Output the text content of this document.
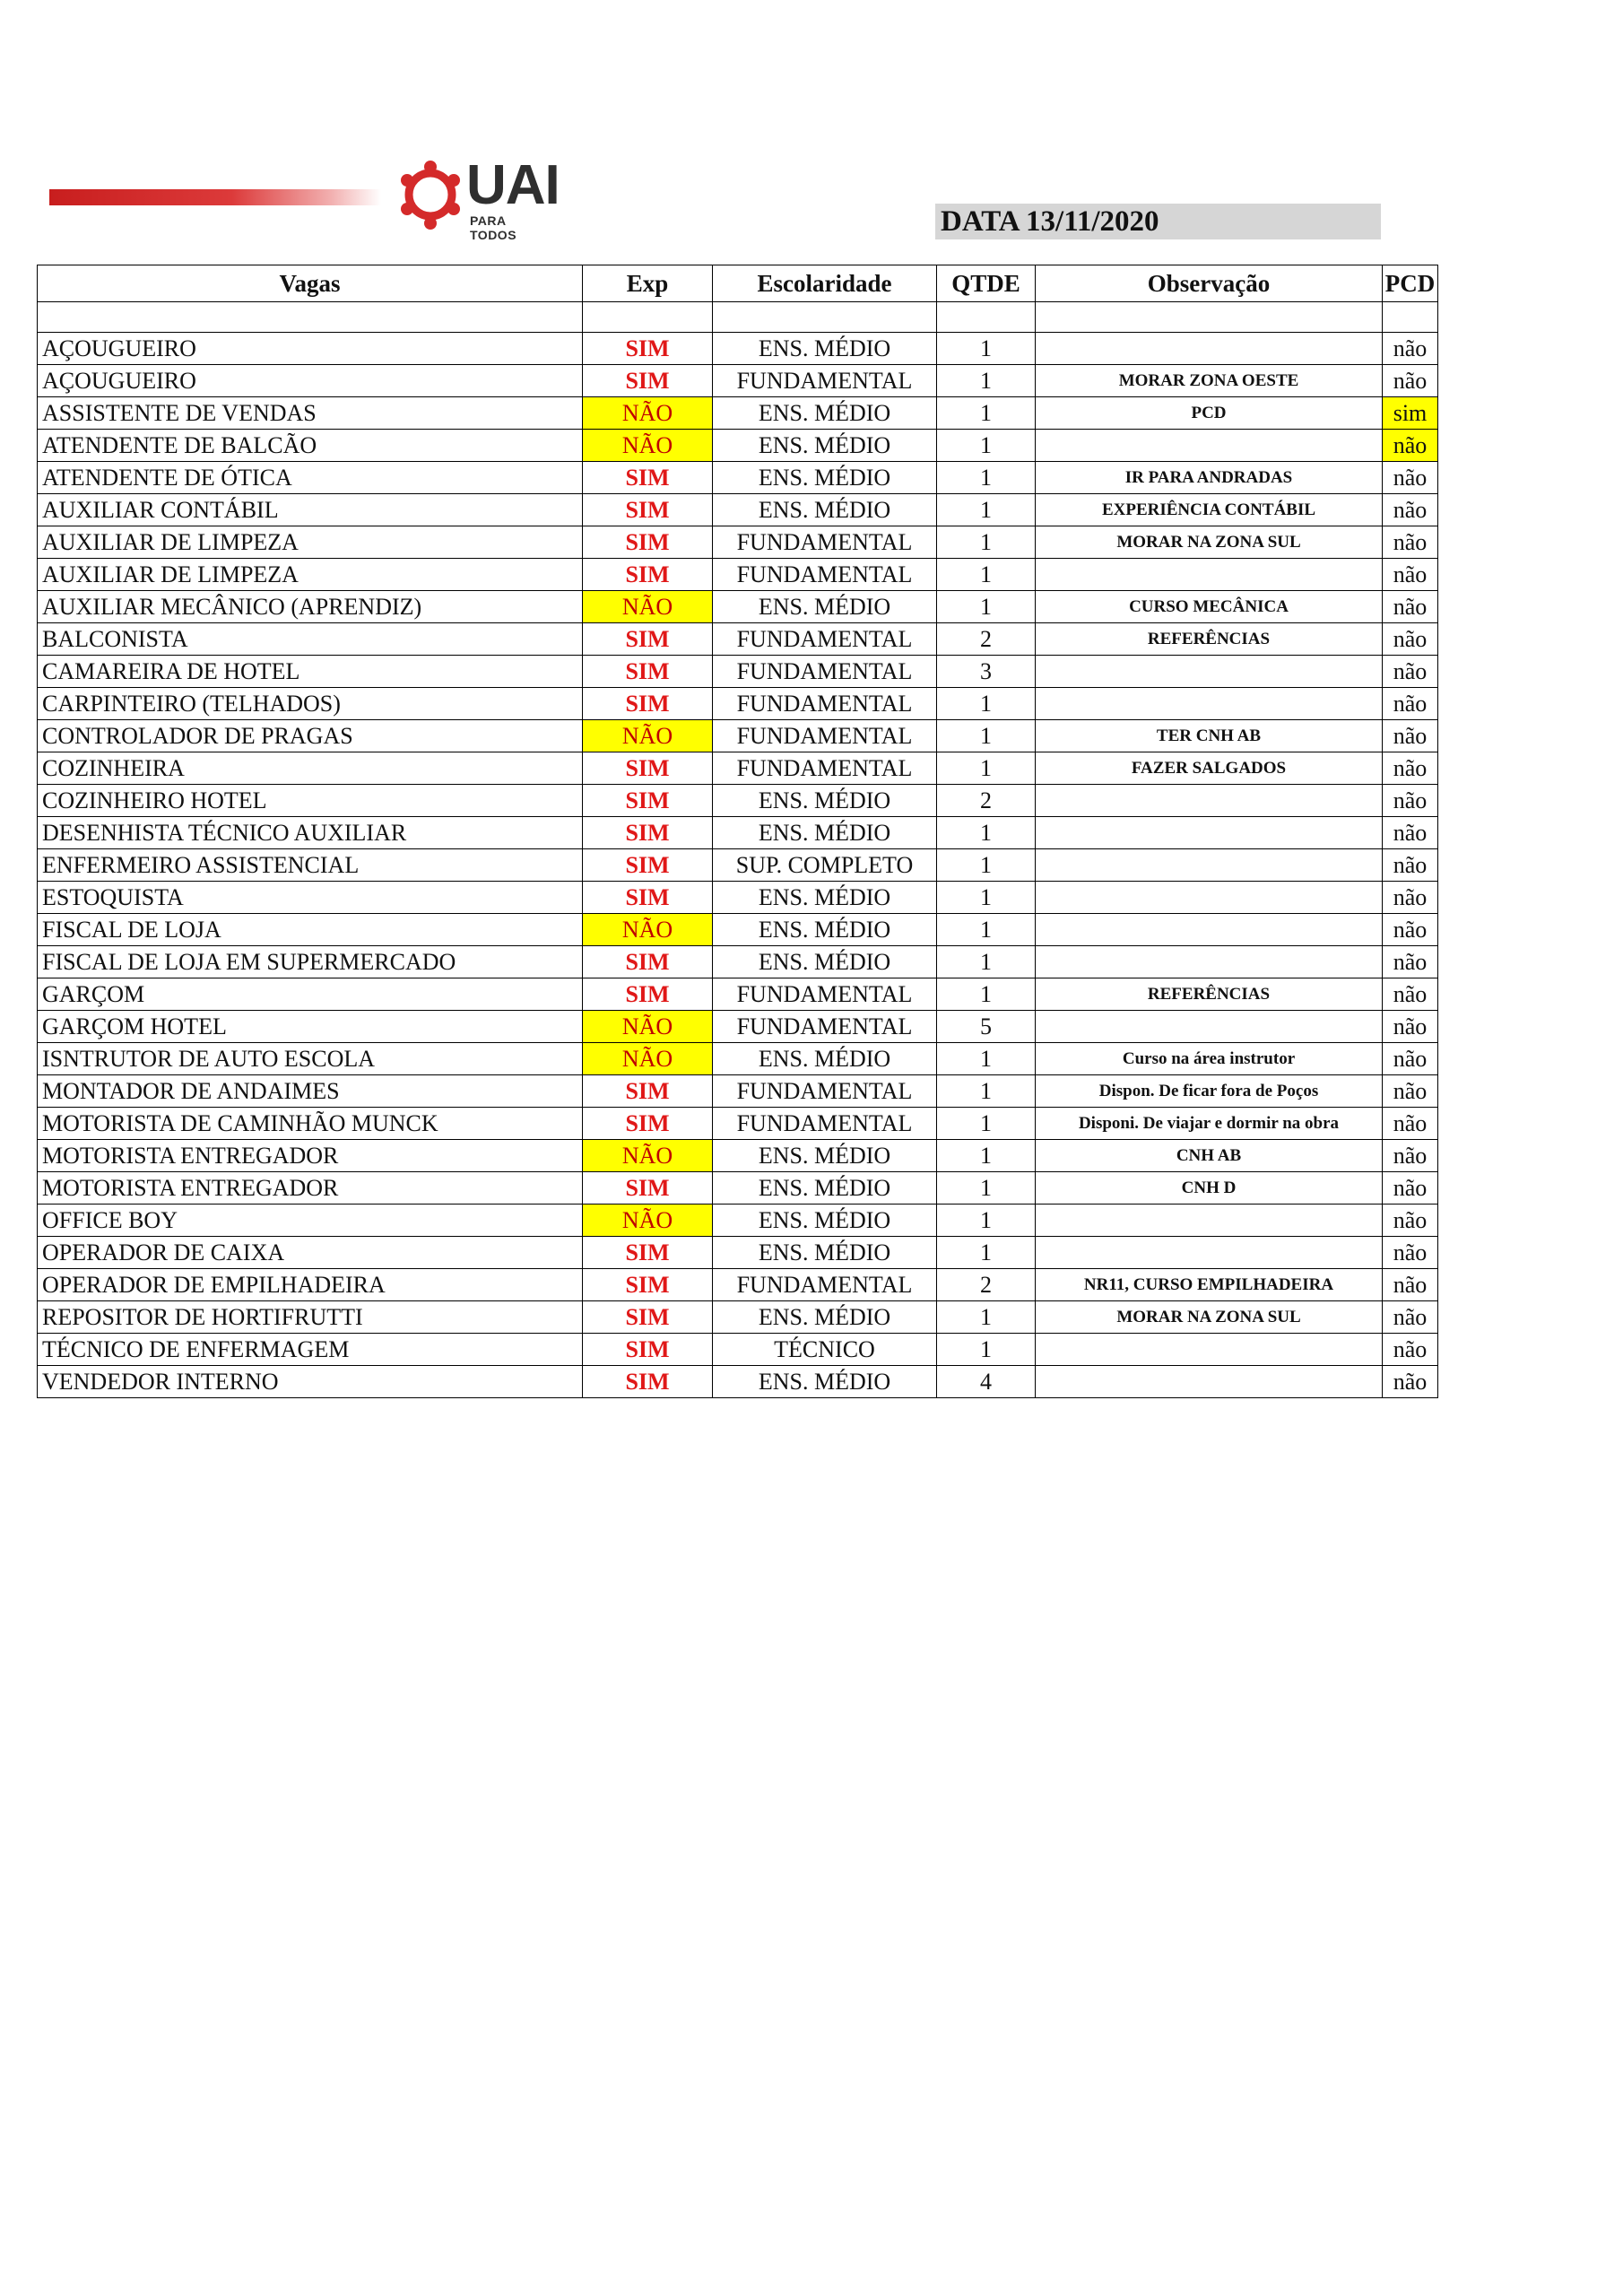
UAI
PARA TODOS	DATA 13/11/2020
Vagas	Exp	Escolaridade	QTDE	Observação	PCD

AÇOUGUEIRO	SIM	ENS. MÉDIO	1		não
AÇOUGUEIRO	SIM	FUNDAMENTAL	1	MORAR ZONA OESTE	não
ASSISTENTE DE VENDAS	NÃO	ENS. MÉDIO	1	PCD	sim
ATENDENTE DE BALCÃO	NÃO	ENS. MÉDIO	1		não
ATENDENTE DE ÓTICA	SIM	ENS. MÉDIO	1	IR PARA ANDRADAS	não
AUXILIAR CONTÁBIL	SIM	ENS. MÉDIO	1	EXPERIÊNCIA CONTÁBIL	não
AUXILIAR DE LIMPEZA	SIM	FUNDAMENTAL	1	MORAR NA ZONA SUL	não
AUXILIAR DE LIMPEZA	SIM	FUNDAMENTAL	1		não
AUXILIAR MECÂNICO (APRENDIZ)	NÃO	ENS. MÉDIO	1	CURSO MECÂNICA	não
BALCONISTA	SIM	FUNDAMENTAL	2	REFERÊNCIAS	não
CAMAREIRA DE HOTEL	SIM	FUNDAMENTAL	3		não
CARPINTEIRO (TELHADOS)	SIM	FUNDAMENTAL	1		não
CONTROLADOR DE PRAGAS	NÃO	FUNDAMENTAL	1	TER CNH AB	não
COZINHEIRA	SIM	FUNDAMENTAL	1	FAZER SALGADOS	não
COZINHEIRO HOTEL	SIM	ENS. MÉDIO	2		não
DESENHISTA TÉCNICO AUXILIAR	SIM	ENS. MÉDIO	1		não
ENFERMEIRO ASSISTENCIAL	SIM	SUP. COMPLETO	1		não
ESTOQUISTA	SIM	ENS. MÉDIO	1		não
FISCAL DE LOJA	NÃO	ENS. MÉDIO	1		não
FISCAL DE LOJA EM SUPERMERCADO	SIM	ENS. MÉDIO	1		não
GARÇOM	SIM	FUNDAMENTAL	1	REFERÊNCIAS	não
GARÇOM HOTEL	NÃO	FUNDAMENTAL	5		não
ISNTRUTOR DE AUTO ESCOLA	NÃO	ENS. MÉDIO	1	Curso na área instrutor	não
MONTADOR DE ANDAIMES	SIM	FUNDAMENTAL	1	Dispon. De ficar fora de Poços	não
MOTORISTA DE CAMINHÃO MUNCK	SIM	FUNDAMENTAL	1	Disponi. De viajar e dormir na obra	não
MOTORISTA ENTREGADOR	NÃO	ENS. MÉDIO	1	CNH AB	não
MOTORISTA ENTREGADOR	SIM	ENS. MÉDIO	1	CNH D	não
OFFICE BOY	NÃO	ENS. MÉDIO	1		não
OPERADOR DE CAIXA	SIM	ENS. MÉDIO	1		não
OPERADOR DE EMPILHADEIRA	SIM	FUNDAMENTAL	2	NR11, CURSO EMPILHADEIRA	não
REPOSITOR DE HORTIFRUTTI	SIM	ENS. MÉDIO	1	MORAR NA ZONA SUL	não
TÉCNICO DE ENFERMAGEM	SIM	TÉCNICO	1		não
VENDEDOR INTERNO	SIM	ENS. MÉDIO	4		não
